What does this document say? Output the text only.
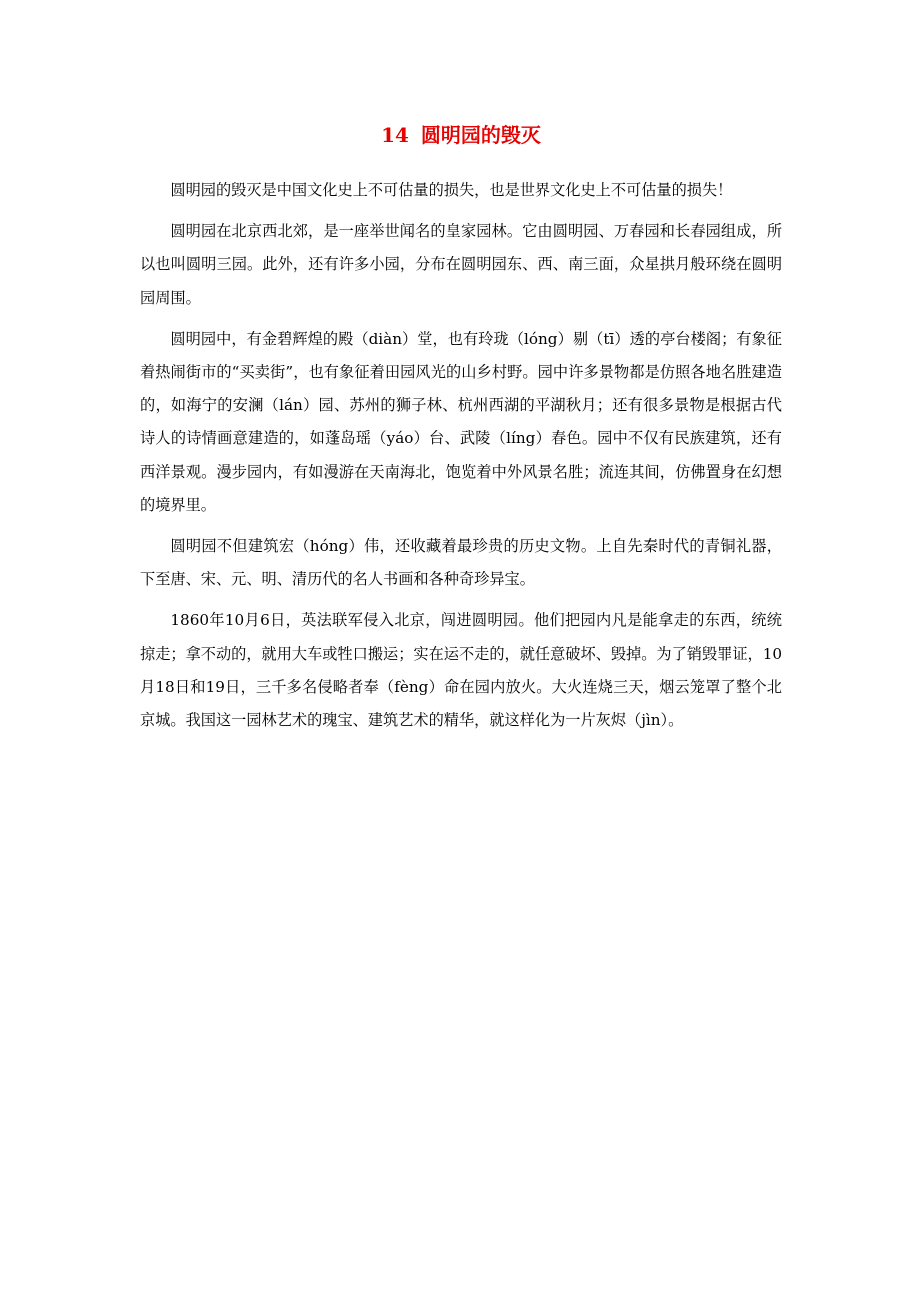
14 圆明园的毁灭

圆明园的毁灭是中国文化史上不可估量的损失，也是世界文化史上不可估量的损失！

圆明园在北京西北郊，是一座举世闻名的皇家园林。它由圆明园、万春园和长春园组成，所以也叫圆明三园。此外，还有许多小园，分布在圆明园东、西、南三面，众星拱月般环绕在圆明园周围。

圆明园中，有金碧辉煌的殿（diàn）堂，也有玲珑（lóng）剔（tī）透的亭台楼阁；有象征着热闹街市的“买卖街”，也有象征着田园风光的山乡村野。园中许多景物都是仿照各地名胜建造的，如海宁的安澜（lán）园、苏州的狮子林、杭州西湖的平湖秋月；还有很多景物是根据古代诗人的诗情画意建造的，如蓬岛瑶（yáo）台、武陵（líng）春色。园中不仅有民族建筑，还有西洋景观。漫步园内，有如漫游在天南海北，饱览着中外风景名胜；流连其间，仿佛置身在幻想的境界里。

圆明园不但建筑宏（hóng）伟，还收藏着最珍贵的历史文物。上自先秦时代的青铜礼器，下至唐、宋、元、明、清历代的名人书画和各种奇珍异宝。

1860年10月6日，英法联军侵入北京，闯进圆明园。他们把园内凡是能拿走的东西，统统掠走；拿不动的，就用大车或牲口搬运；实在运不走的，就任意破坏、毁掉。为了销毁罪证，10月18日和19日，三千多名侵略者奉（fèng）命在园内放火。大火连烧三天，烟云笼罩了整个北京城。我国这一园林艺术的瑰宝、建筑艺术的精华，就这样化为一片灰烬（jìn）。
